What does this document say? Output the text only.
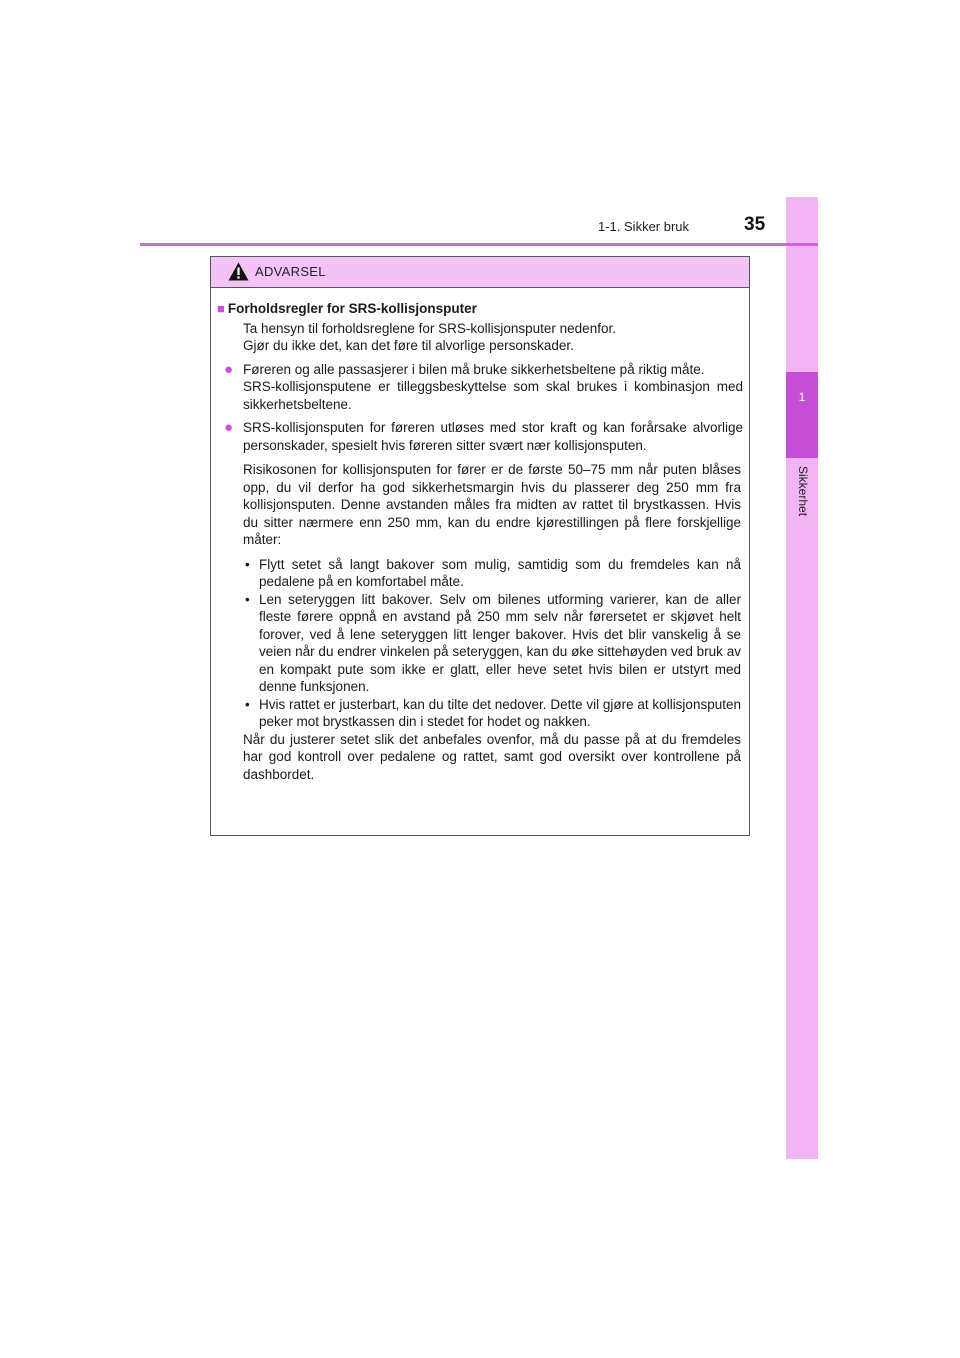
1
Sikkerhet
1-1. Sikker bruk	35
ADVARSEL

■ Forholdsregler for SRS-kollisjonsputer

Ta hensyn til forholdsreglene for SRS-kollisjonsputer nedenfor.

Gjør du ikke det, kan det føre til alvorlige personskader.

● Føreren og alle passasjerer i bilen må bruke sikkerhetsbeltene på riktig måte.

SRS-kollisjonsputene er tilleggsbeskyttelse som skal brukes i kombinasjon med sikkerhetsbeltene.

● SRS-kollisjonsputen for føreren utløses med stor kraft og kan forårsake alvorlige personskader, spesielt hvis føreren sitter svært nær kollisjonsputen.

Risikosonen for kollisjonsputen for fører er de første 50–75 mm når puten blåses opp, du vil derfor ha god sikkerhetsmargin hvis du plasserer deg 250 mm fra kollisjonsputen. Denne avstanden måles fra midten av rattet til brystkassen. Hvis du sitter nærmere enn 250 mm, kan du endre kjørestillingen på flere forskjellige måter:

• Flytt setet så langt bakover som mulig, samtidig som du fremdeles kan nå pedalene på en komfortabel måte.
• Len seteryggen litt bakover. Selv om bilenes utforming varierer, kan de aller fleste førere oppnå en avstand på 250 mm selv når førersetet er skjøvet helt forover, ved å lene seteryggen litt lenger bakover. Hvis det blir vanskelig å se veien når du endrer vinkelen på seteryggen, kan du øke sittehøyden ved bruk av en kompakt pute som ikke er glatt, eller heve setet hvis bilen er utstyrt med denne funksjonen.
• Hvis rattet er justerbart, kan du tilte det nedover. Dette vil gjøre at kollisjonsputen peker mot brystkassen din i stedet for hodet og nakken.

Når du justerer setet slik det anbefales ovenfor, må du passe på at du fremdeles har god kontroll over pedalene og rattet, samt god oversikt over kontrollene på dashbordet.
